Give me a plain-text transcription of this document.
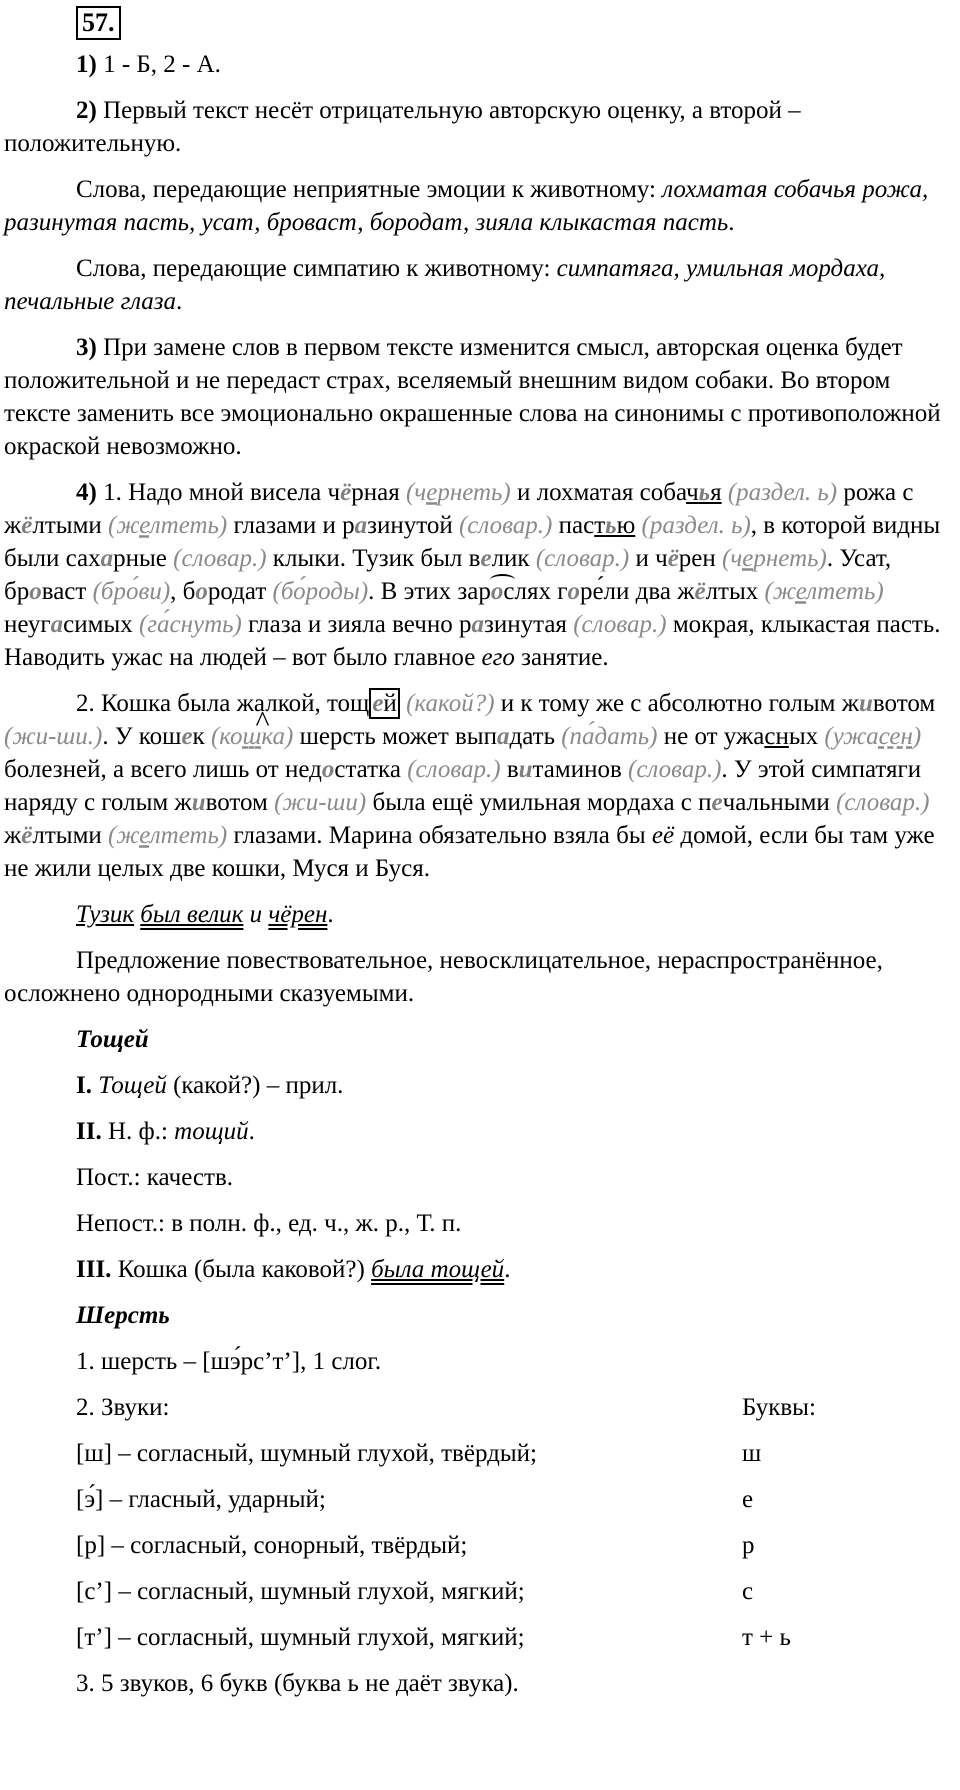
57.

1) 1 - Б, 2 - А.

2) Первый текст несёт отрицательную авторскую оценку, а второй – положительную.

Слова, передающие неприятные эмоции к животному: лохматая собачья рожа, разинутая пасть, усат, бровас​т, бородат, зияла клыкастая пасть.

Слова, передающие симпатию к животному: симпатяга, умильная мордаха, печальные глаза.

3) При замене слов в первом тексте изменится смысл, авторская оценка будет положительной и не передаст страх, вселяемый внешним видом собаки. Во втором тексте заменить все эмоционально окрашенные слова на синонимы с противоположной окраской невозможно.

4) 1. Надо мной висела чёрная (чернеть) и лохматая собачья (раздел. ь) рожа с жёлтыми (желтеть) глазами и разинутой (словар.) пастью (раздел. ь), в которой видны были сахарные (словар.) клыки. Тузик был велик (словар.) и чёрен (чернеть). Усат, броваст (бро́ви), бородат (бо́роды). В этих зарослях горе́ли два жёлтых (желтеть) неугасимых (га́снуть) глаза и зияла вечно разинутая (словар.) мокрая, клыкастая пасть. Наводить ужас на людей – вот было главное его занятие.

2. Кошка была жалкой, тощ ей (какой?) и к тому же с абсолютно голым животом (жи-ши.). У кош^ ек (кошка) шерсть может выпадать (па́дать) не от ужасных (ужасен) болезней, а всего лишь от недостатка (словар.) витаминов (словар.). У этой симпатяги наряду с голым животом (жи-ши) была ещё умильная мордаха с печальными (словар.) жёлтыми (желтеть) глазами. Марина обязательно взяла бы её домой, если бы там уже не жили целых две кошки, Муся и Буся.

Тузик был велик и чёрен.

Предложение повествовательное, невосклицательное, нераспространённое, осложнено однородными сказуемыми.

Тощей

I. Тощей (какой?) – прил.

II. Н. ф.: тощий.

Пост.: качеств.

Непост.: в полн. ф., ед. ч., ж. р., Т. п.

III. Кошка (была каковой?) была тощей.

Шерсть

1. шерсть – [шэ́рс’т’], 1 слог.

2. Звуки:	Буквы:
[ш] – согласный, шумный глухой, твёрдый;	ш
[э́] – гласный, ударный;	е
[р] – согласный, сонорный, твёрдый;	р
[с’] – согласный, шумный глухой, мягкий;	с
[т’] – согласный, шумный глухой, мягкий;	т + ь

3. 5 звуков, 6 букв (буква ь не даёт звука).
